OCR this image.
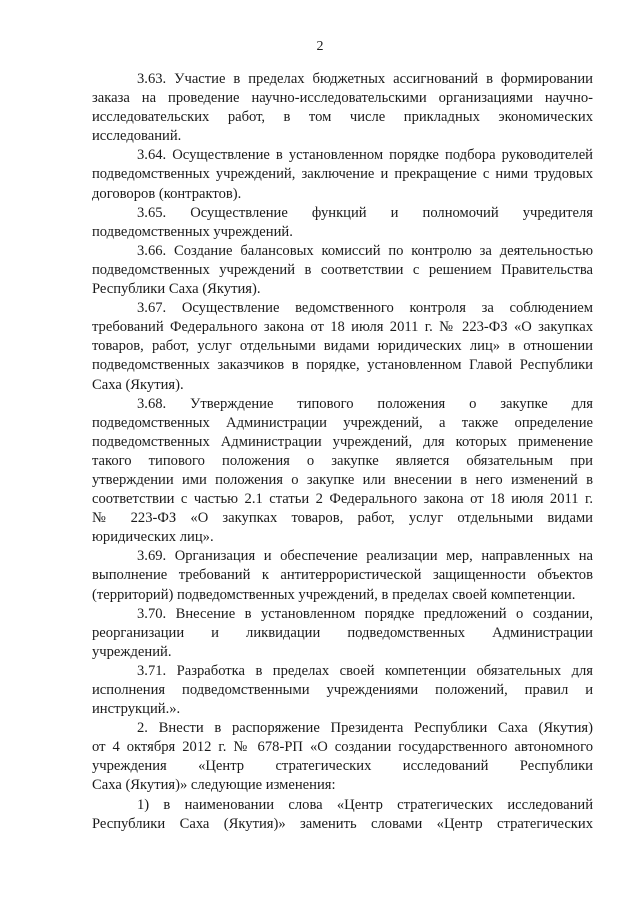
2
3.63. Участие в пределах бюджетных ассигнований в формировании
заказа на проведение научно-исследовательскими организациями научно-
исследовательских работ, в том числе прикладных экономических
исследований.
3.64. Осуществление в установленном порядке подбора руководителей
подведомственных учреждений, заключение и прекращение с ними трудовых
договоров (контрактов).
3.65. Осуществление функций и полномочий учредителя
подведомственных учреждений.
3.66. Создание балансовых комиссий по контролю за деятельностью
подведомственных учреждений в соответствии с решением Правительства
Республики Саха (Якутия).
3.67. Осуществление ведомственного контроля за соблюдением
требований Федерального закона от 18 июля 2011 г. № 223-ФЗ «О закупках
товаров, работ, услуг отдельными видами юридических лиц» в отношении
подведомственных заказчиков в порядке, установленном Главой Республики
Саха (Якутия).
3.68. Утверждение типового положения о закупке для
подведомственных Администрации учреждений, а также определение
подведомственных Администрации учреждений, для которых применение
такого типового положения о закупке является обязательным при
утверждении ими положения о закупке или внесении в него изменений в
соответствии с частью 2.1 статьи 2 Федерального закона от 18 июля 2011 г.
№ 223-ФЗ «О закупках товаров, работ, услуг отдельными видами
юридических лиц».
3.69. Организация и обеспечение реализации мер, направленных на
выполнение требований к антитеррористической защищенности объектов
(территорий) подведомственных учреждений, в пределах своей компетенции.
3.70. Внесение в установленном порядке предложений о создании,
реорганизации и ликвидации подведомственных Администрации
учреждений.
3.71. Разработка в пределах своей компетенции обязательных для
исполнения подведомственными учреждениями положений, правил и
инструкций.».
2. Внести в распоряжение Президента Республики Саха (Якутия)
от 4 октября 2012 г. № 678-РП «О создании государственного автономного
учреждения «Центр стратегических исследований Республики
Саха (Якутия)» следующие изменения:
1) в наименовании слова «Центр стратегических исследований
Республики Саха (Якутия)» заменить словами «Центр стратегических
